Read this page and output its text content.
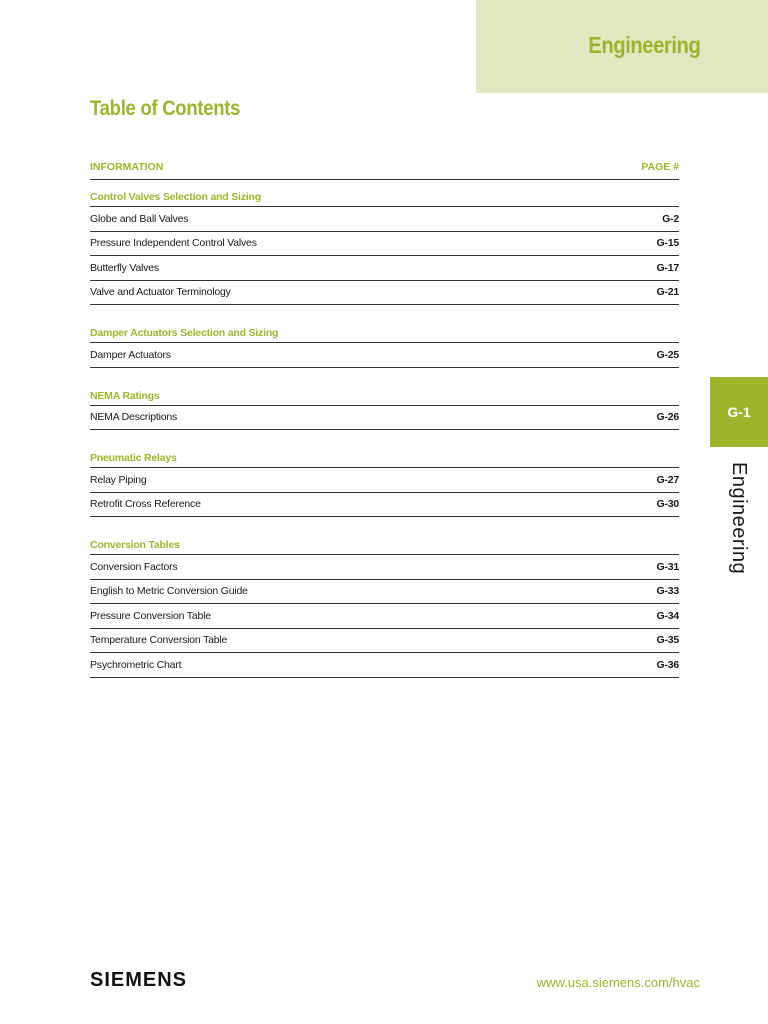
Engineering
Table of Contents
INFORMATION	PAGE #
Control Valves Selection and Sizing
Globe and Ball Valves	G-2
Pressure Independent Control Valves	G-15
Butterfly Valves	G-17
Valve and Actuator Terminology	G-21
Damper Actuators Selection and Sizing
Damper Actuators	G-25
NEMA Ratings
NEMA Descriptions	G-26
Pneumatic Relays
Relay Piping	G-27
Retrofit Cross Reference	G-30
Conversion Tables
Conversion Factors	G-31
English to Metric Conversion Guide	G-33
Pressure Conversion Table	G-34
Temperature Conversion Table	G-35
Psychrometric Chart	G-36
G-1
Engineering
SIEMENS	www.usa.siemens.com/hvac
